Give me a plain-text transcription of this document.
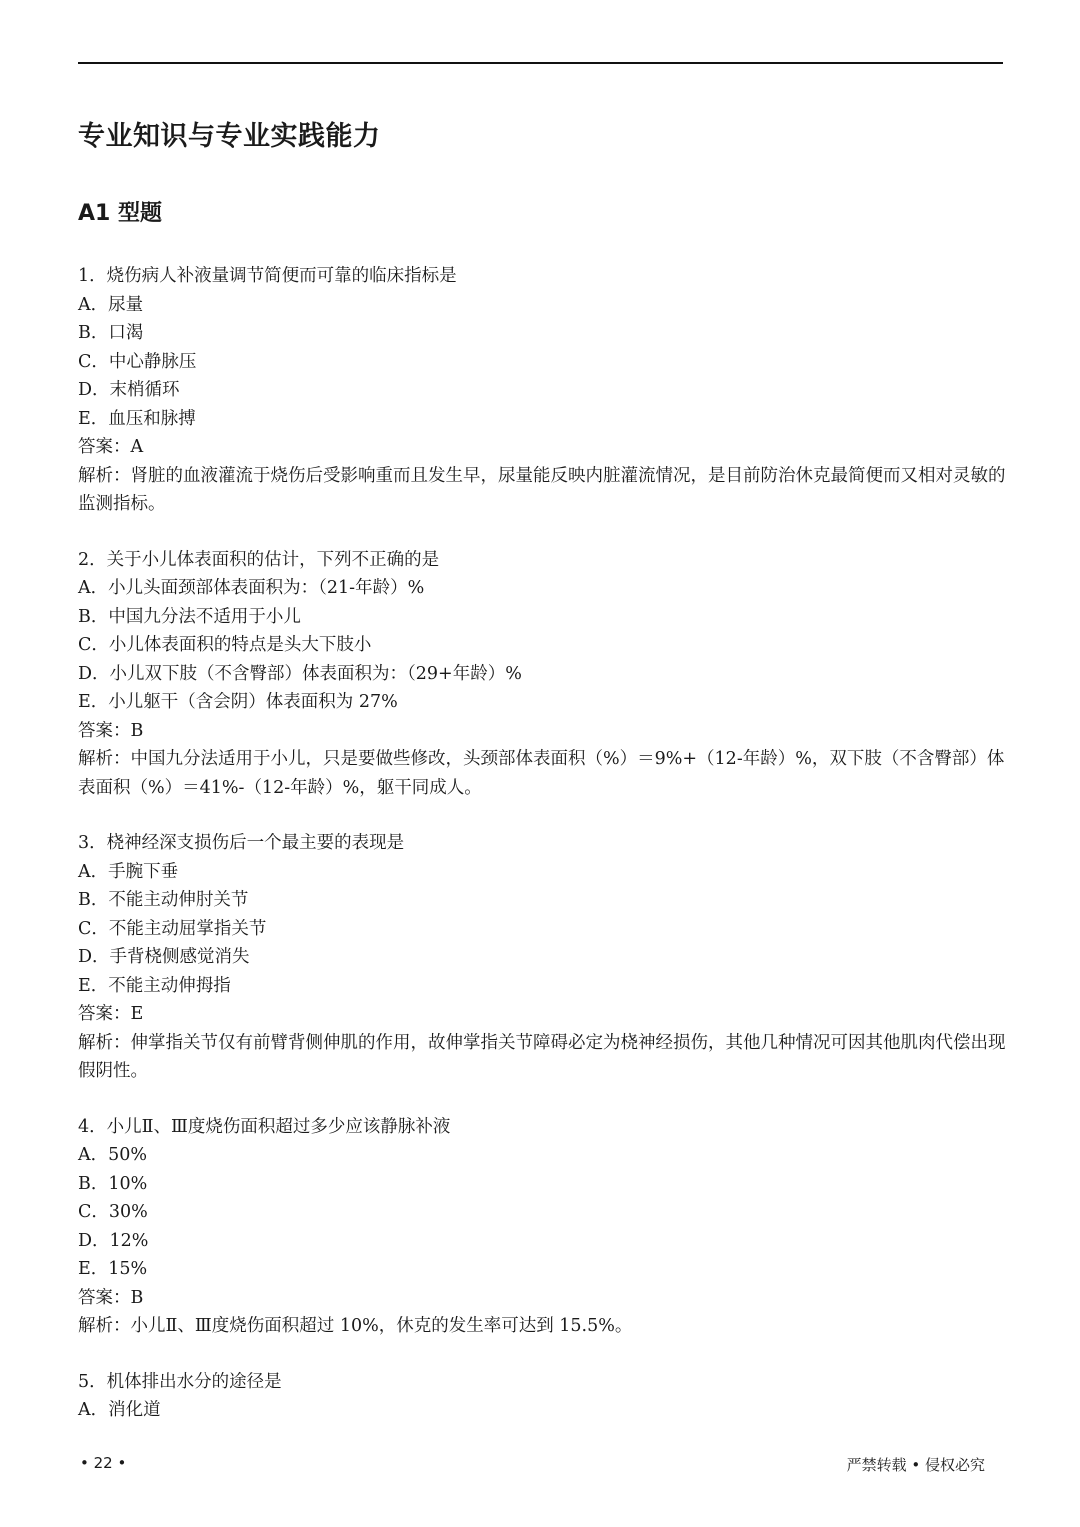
专业知识与专业实践能力
A1 型题
1．烧伤病人补液量调节简便而可靠的临床指标是
A．尿量
B．口渴
C．中心静脉压
D．末梢循环
E．血压和脉搏
答案：A
解析：肾脏的血液灌流于烧伤后受影响重而且发生早，尿量能反映内脏灌流情况，是目前防治休克最简便而又相对灵敏的监测指标。
2．关于小儿体表面积的估计，下列不正确的是
A．小儿头面颈部体表面积为：（21-年龄）%
B．中国九分法不适用于小儿
C．小儿体表面积的特点是头大下肢小
D．小儿双下肢（不含臀部）体表面积为：（29+年龄）%
E．小儿躯干（含会阴）体表面积为 27%
答案：B
解析：中国九分法适用于小儿，只是要做些修改，头颈部体表面积（%）＝9%+（12-年龄）%，双下肢（不含臀部）体表面积（%）＝41%-（12-年龄）%，躯干同成人。
3．桡神经深支损伤后一个最主要的表现是
A．手腕下垂
B．不能主动伸肘关节
C．不能主动屈掌指关节
D．手背桡侧感觉消失
E．不能主动伸拇指
答案：E
解析：伸掌指关节仅有前臂背侧伸肌的作用，故伸掌指关节障碍必定为桡神经损伤，其他几种情况可因其他肌肉代偿出现假阴性。
4．小儿Ⅱ、Ⅲ度烧伤面积超过多少应该静脉补液
A．50%
B．10%
C．30%
D．12%
E．15%
答案：B
解析：小儿Ⅱ、Ⅲ度烧伤面积超过 10%，休克的发生率可达到 15.5%。
5．机体排出水分的途径是
A．消化道
• 22 •	严禁转载 • 侵权必究
